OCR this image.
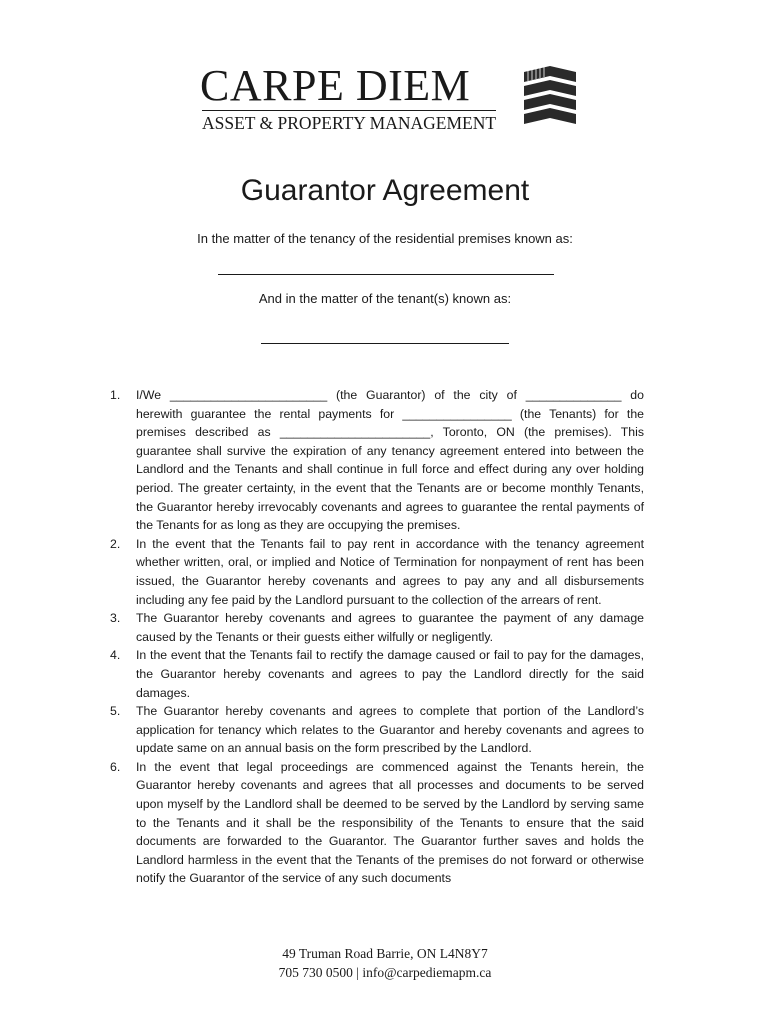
CARPE DIEM
ASSET & PROPERTY MANAGEMENT
Guarantor Agreement
In the matter of the tenancy of the residential premises known as:
And in the matter of the tenant(s) known as:
1. I/We _______________________ (the Guarantor) of the city of ______________ do herewith guarantee the rental payments for ________________ (the Tenants) for the premises described as ______________________, Toronto, ON (the premises). This guarantee shall survive the expiration of any tenancy agreement entered into between the Landlord and the Tenants and shall continue in full force and effect during any over holding period. The greater certainty, in the event that the Tenants are or become monthly Tenants, the Guarantor hereby irrevocably covenants and agrees to guarantee the rental payments of the Tenants for as long as they are occupying the premises.
2. In the event that the Tenants fail to pay rent in accordance with the tenancy agreement whether written, oral, or implied and Notice of Termination for nonpayment of rent has been issued, the Guarantor hereby covenants and agrees to pay any and all disbursements including any fee paid by the Landlord pursuant to the collection of the arrears of rent.
3. The Guarantor hereby covenants and agrees to guarantee the payment of any damage caused by the Tenants or their guests either wilfully or negligently.
4. In the event that the Tenants fail to rectify the damage caused or fail to pay for the damages, the Guarantor hereby covenants and agrees to pay the Landlord directly for the said damages.
5. The Guarantor hereby covenants and agrees to complete that portion of the Landlord’s application for tenancy which relates to the Guarantor and hereby covenants and agrees to update same on an annual basis on the form prescribed by the Landlord.
6. In the event that legal proceedings are commenced against the Tenants herein, the Guarantor hereby covenants and agrees that all processes and documents to be served upon myself by the Landlord shall be deemed to be served by the Landlord by serving same to the Tenants and it shall be the responsibility of the Tenants to ensure that the said documents are forwarded to the Guarantor. The Guarantor further saves and holds the Landlord harmless in the event that the Tenants of the premises do not forward or otherwise notify the Guarantor of the service of any such documents
49 Truman Road Barrie, ON L4N8Y7
705 730 0500 | info@carpediemapm.ca
